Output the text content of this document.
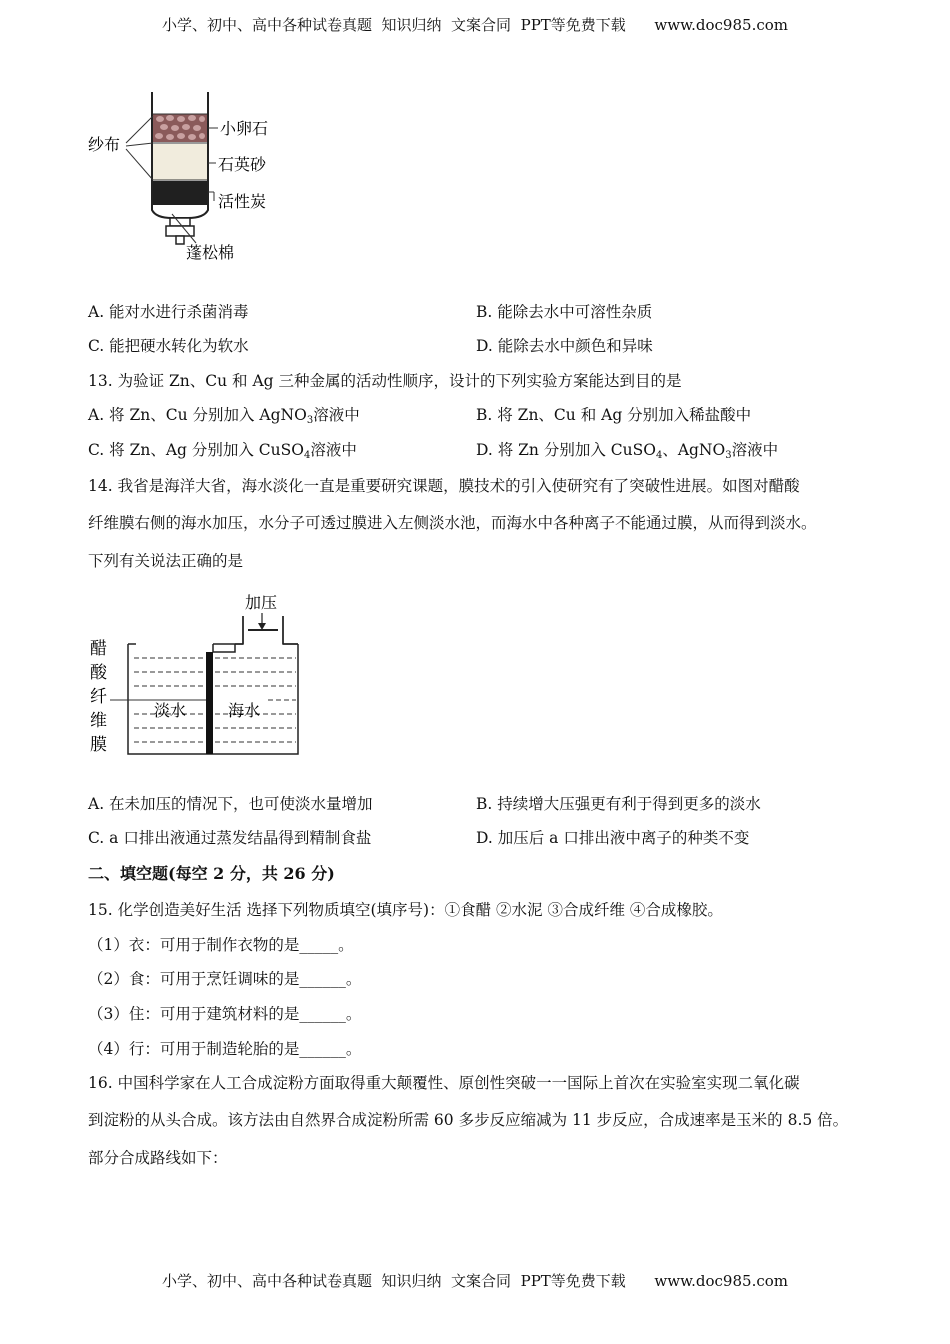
小学、初中、高中各种试卷真题  知识归纳  文案合同  PPT等免费下载      www.doc985.com
纱布
小卵石
石英砂
活性炭
蓬松棉
A. 能对水进行杀菌消毒	B. 能除去水中可溶性杂质
C. 能把硬水转化为软水	D. 能除去水中颜色和异味
13. 为验证 Zn、Cu 和 Ag 三种金属的活动性顺序，设计的下列实验方案能达到目的是
A. 将 Zn、Cu 分别加入 AgNO$_3$溶液中	B. 将 Zn、Cu 和 Ag 分别加入稀盐酸中
C. 将 Zn、Ag 分别加入 CuSO$_4$溶液中	D. 将 Zn 分别加入 CuSO$_4$、AgNO$_3$溶液中
14. 我省是海洋大省，海水淡化一直是重要研究课题，膜技术的引入使研究有了突破性进展。如图对醋酸
纤维膜右侧的海水加压，水分子可透过膜进入左侧淡水池，而海水中各种离子不能通过膜，从而得到淡水。
下列有关说法正确的是
加压
淡水	海水
醋
酸
纤
维
膜
A. 在未加压的情况下，也可使淡水量增加	B. 持续增大压强更有利于得到更多的淡水
C. a 口排出液通过蒸发结晶得到精制食盐	D. 加压后 a 口排出液中离子的种类不变
二、填空题(每空 2 分，共 26 分)
15. 化学创造美好生活 选择下列物质填空(填序号)：①食醋 ②水泥 ③合成纤维 ④合成橡胶。
（1）衣：可用于制作衣物的是_____。
（2）食：可用于烹饪调味的是______。
（3）住：可用于建筑材料的是______。
（4）行：可用于制造轮胎的是______。
16. 中国科学家在人工合成淀粉方面取得重大颠覆性、原创性突破一一国际上首次在实验室实现二氧化碳
到淀粉的从头合成。该方法由自然界合成淀粉所需 60 多步反应缩减为 11 步反应，合成速率是玉米的 8.5 倍。
部分合成路线如下：
小学、初中、高中各种试卷真题  知识归纳  文案合同  PPT等免费下载      www.doc985.com
